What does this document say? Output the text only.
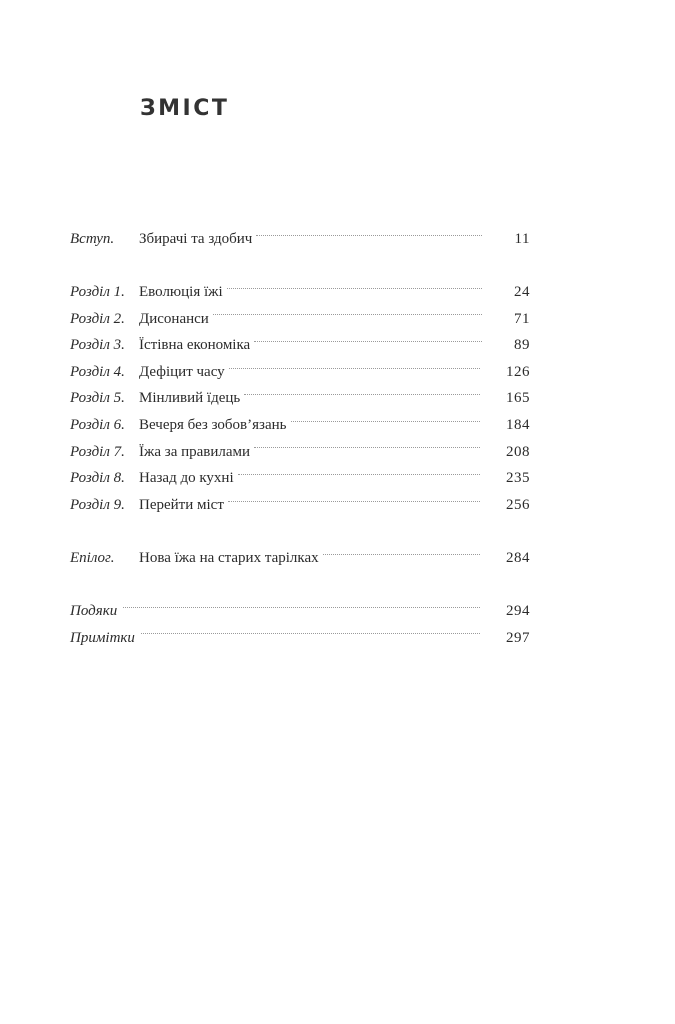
ЗМІСТ
Вступ.	Збирачі та здобич	11
Розділ 1. Еволюція їжі	24
Розділ 2. Дисонанси	71
Розділ 3. Їстівна економіка	89
Розділ 4. Дефіцит часу	126
Розділ 5. Мінливий їдець	165
Розділ 6. Вечеря без зобов’язань	184
Розділ 7. Їжа за правилами	208
Розділ 8. Назад до кухні	235
Розділ 9. Перейти міст	256
Епілог.	Нова їжа на старих тарілках	284
Подяки	294
Примітки	297
